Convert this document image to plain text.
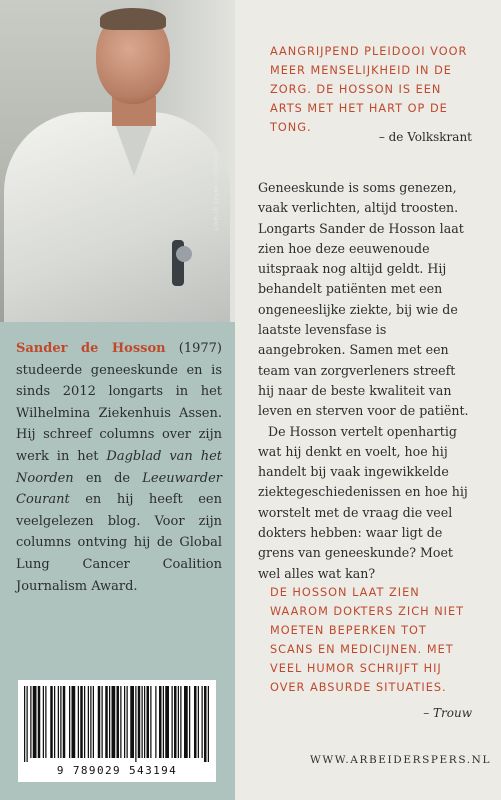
LINELLE DEUNK / LEEMAGE
Sander de Hosson (1977) studeerde geneeskunde en is sinds 2012 longarts in het Wilhelmina Ziekenhuis Assen. Hij schreef columns over zijn werk in het Dagblad van het Noorden en de Leeuwarder Courant en hij heeft een veelgelezen blog. Voor zijn columns ontving hij de Global Lung Cancer Coalition Journalism Award.
9 789029 543194
AANGRIJPEND PLEIDOOI VOOR MEER MENSELIJKHEID IN DE ZORG. DE HOSSON IS EEN ARTS MET HET HART OP DE TONG.
– de Volkskrant

Geneeskunde is soms genezen, vaak verlichten, altijd troosten. Longarts Sander de Hosson laat zien hoe deze eeuwenoude uitspraak nog altijd geldt. Hij behandelt patiënten met een ongeneeslijke ziekte, bij wie de laatste levensfase is aangebroken. Samen met een team van zorgverleners streeft hij naar de beste kwaliteit van leven en sterven voor de patiënt.

De Hosson vertelt openhartig wat hij denkt en voelt, hoe hij handelt bij vaak ingewikkelde ziektegeschiedenissen en hoe hij worstelt met de vraag die veel dokters hebben: waar ligt de grens van geneeskunde? Moet wel alles wat kan?

DE HOSSON LAAT ZIEN WAAROM DOKTERS ZICH NIET MOETEN BEPERKEN TOT SCANS EN MEDICIJNEN. MET VEEL HUMOR SCHRIJFT HIJ OVER ABSURDE SITUATIES.
– Trouw
WWW.ARBEIDERSPERS.NL
